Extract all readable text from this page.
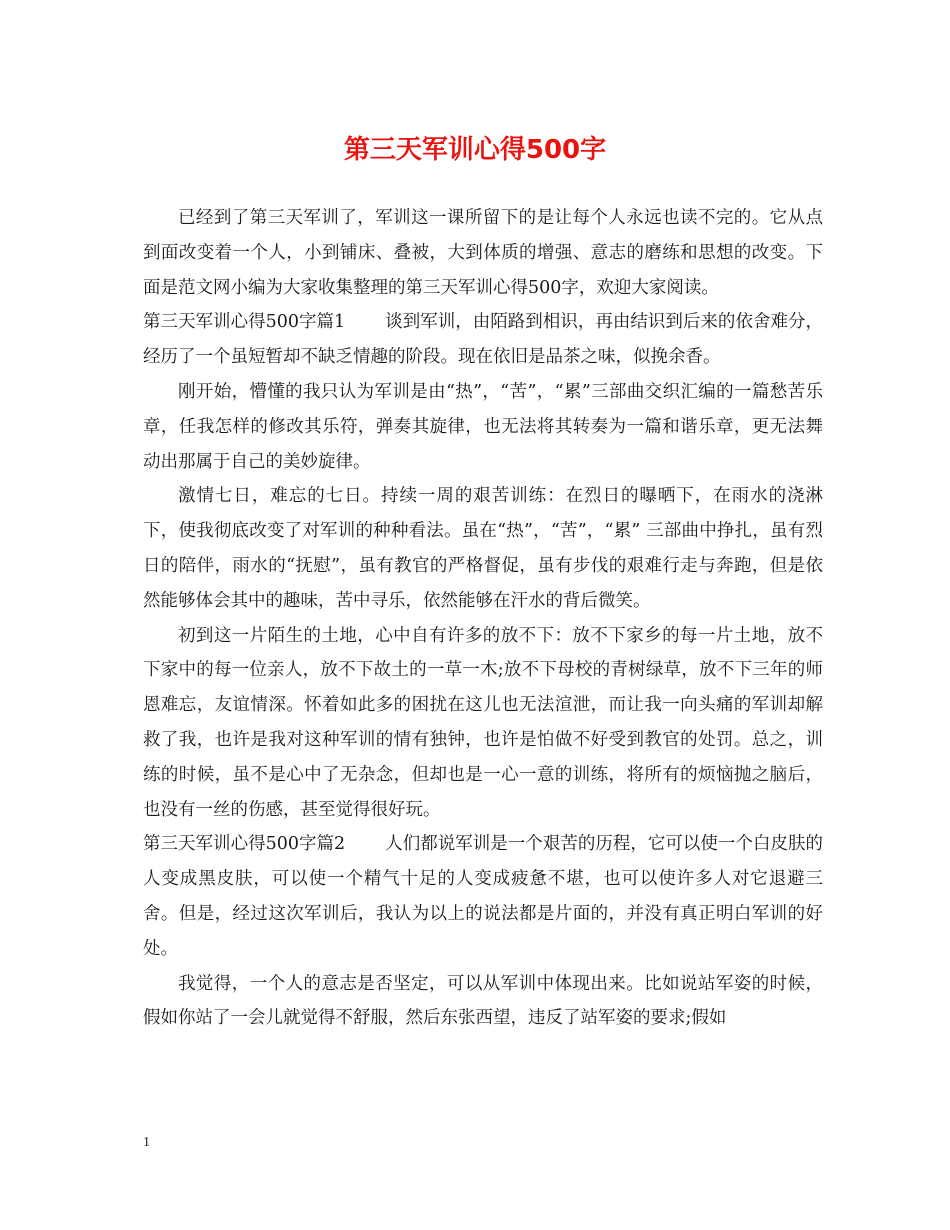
第三天军训心得500字

已经到了第三天军训了，军训这一课所留下的是让每个人永远也读不完的。它从点到面改变着一个人，小到铺床、叠被，大到体质的增强、意志的磨练和思想的改变。下面是范文网小编为大家收集整理的第三天军训心得500字，欢迎大家阅读。

第三天军训心得500字篇1 谈到军训，由陌路到相识，再由结识到后来的依舍难分，经历了一个虽短暂却不缺乏情趣的阶段。现在依旧是品茶之味，似挽余香。

刚开始，懵懂的我只认为军训是由“热”，“苦”，“累”三部曲交织汇编的一篇愁苦乐章，任我怎样的修改其乐符，弹奏其旋律，也无法将其转奏为一篇和谐乐章，更无法舞动出那属于自己的美妙旋律。

激情七日，难忘的七日。持续一周的艰苦训练：在烈日的曝晒下，在雨水的浇淋下，使我彻底改变了对军训的种种看法。虽在“热”，“苦”，“累” 三部曲中挣扎，虽有烈日的陪伴，雨水的“抚慰”，虽有教官的严格督促，虽有步伐的艰难行走与奔跑，但是依然能够体会其中的趣味，苦中寻乐，依然能够在汗水的背后微笑。

初到这一片陌生的土地，心中自有许多的放不下：放不下家乡的每一片土地，放不下家中的每一位亲人，放不下故土的一草一木;放不下母校的青树绿草，放不下三年的师恩难忘，友谊情深。怀着如此多的困扰在这儿也无法渲泄，而让我一向头痛的军训却解救了我，也许是我对这种军训的情有独钟，也许是怕做不好受到教官的处罚。总之，训练的时候，虽不是心中了无杂念，但却也是一心一意的训练，将所有的烦恼抛之脑后，也没有一丝的伤感，甚至觉得很好玩。

第三天军训心得500字篇2 人们都说军训是一个艰苦的历程，它可以使一个白皮肤的人变成黑皮肤，可以使一个精气十足的人变成疲惫不堪，也可以使许多人对它退避三舍。但是，经过这次军训后，我认为以上的说法都是片面的，并没有真正明白军训的好处。

我觉得，一个人的意志是否坚定，可以从军训中体现出来。比如说站军姿的时候，假如你站了一会儿就觉得不舒服，然后东张西望，违反了站军姿的要求;假如

1
